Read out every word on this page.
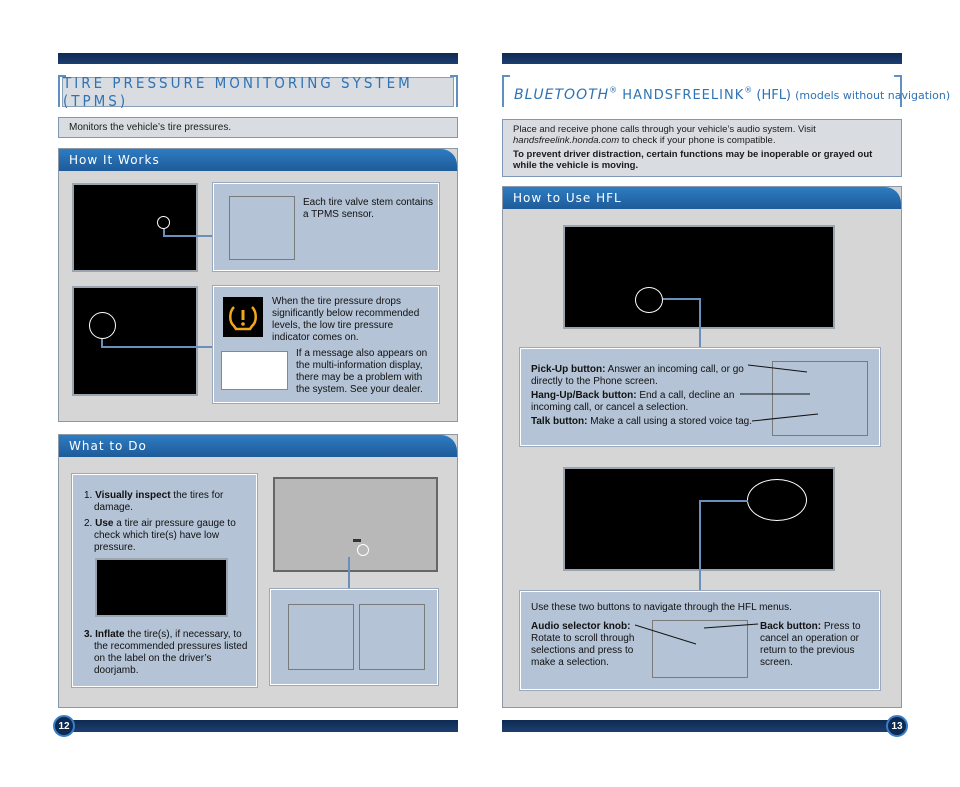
TIRE PRESSURE MONITORING SYSTEM (TPMS)
Monitors the vehicle’s tire pressures.
How It Works
Each tire valve stem contains a TPMS sensor.
When the tire pressure drops significantly below recommended levels, the low tire pressure indicator comes on.
If a message also appears on the multi-information display, there may be a problem with the system. See your dealer.
What to Do
1. Visually inspect the tires for damage.
2. Use a tire air pressure gauge to check which tire(s) have low pressure.
3. Inflate the tire(s), if necessary, to the recommended pressures listed on the label on the driver’s doorjamb.
12
BLUETOOTH® HANDSFREELINK® (HFL) (models without navigation)
Place and receive phone calls through your vehicle’s audio system. Visit
handsfreelink.honda.com to check if your phone is compatible.
To prevent driver distraction, certain functions may be inoperable or grayed out while the vehicle is moving.
How to Use HFL
Pick-Up button: Answer an incoming call, or go directly to the Phone screen.
Hang-Up/Back button: End a call, decline an incoming call, or cancel a selection.
Talk button: Make a call using a stored voice tag.
Use these two buttons to navigate through the HFL menus.
Audio selector knob: Rotate to scroll through selections and press to make a selection.
Back button: Press to cancel an operation or return to the previous screen.
13
